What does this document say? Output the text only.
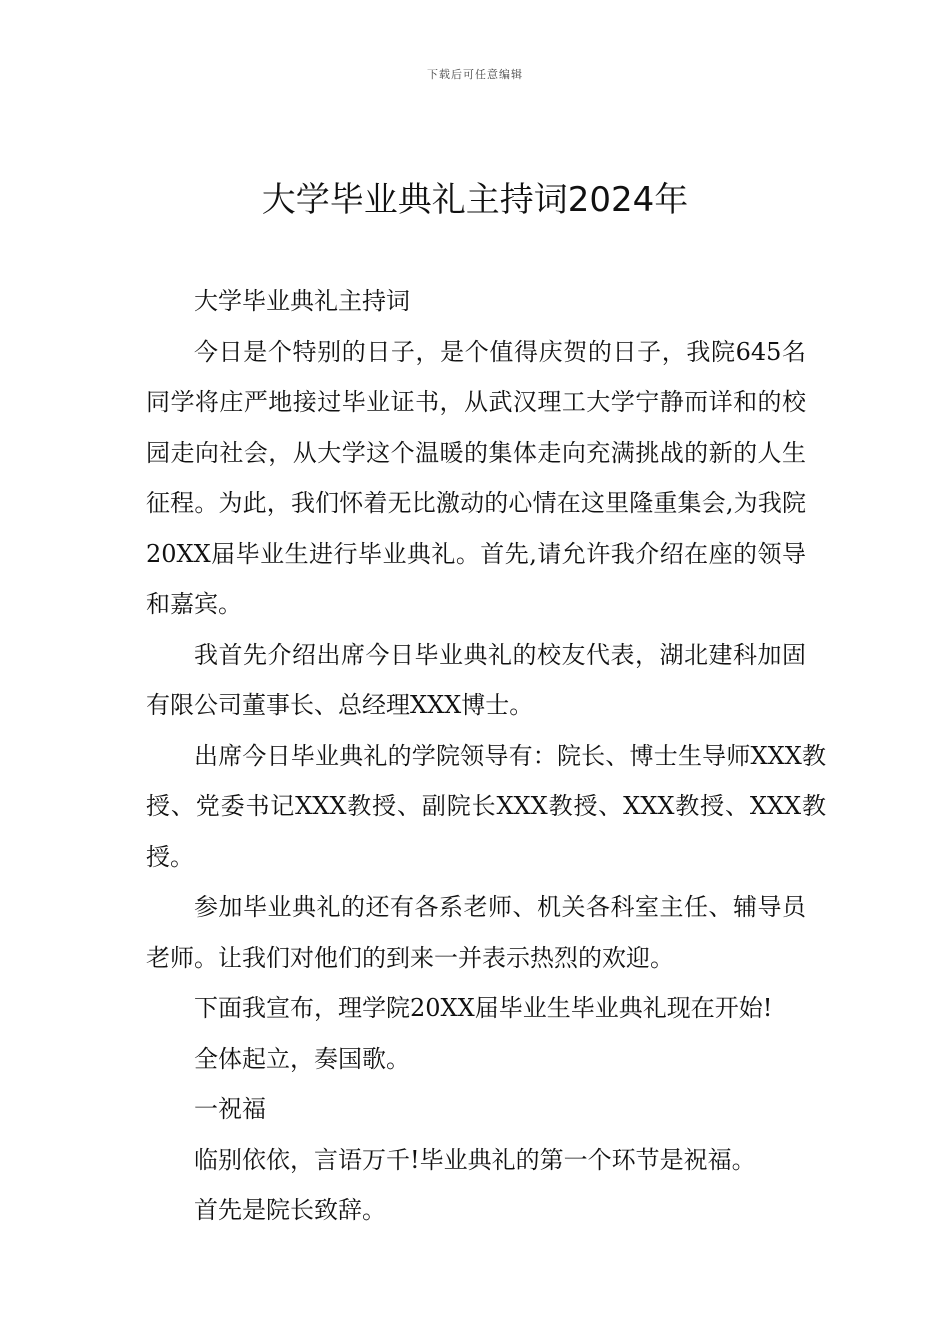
下载后可任意编辑
大学毕业典礼主持词2024年

大学毕业典礼主持词

今日是个特别的日子，是个值得庆贺的日子，我院645名同学将庄严地接过毕业证书，从武汉理工大学宁静而详和的校园走向社会，从大学这个温暖的集体走向充满挑战的新的人生征程。为此，我们怀着无比激动的心情在这里隆重集会,为我院20XX届毕业生进行毕业典礼。首先,请允许我介绍在座的领导和嘉宾。

我首先介绍出席今日毕业典礼的校友代表，湖北建科加固有限公司董事长、总经理XXX博士。

出席今日毕业典礼的学院领导有：院长、博士生导师XXX教授、党委书记XXX教授、副院长XXX教授、XXX教授、XXX教授。

参加毕业典礼的还有各系老师、机关各科室主任、辅导员老师。让我们对他们的到来一并表示热烈的欢迎。

下面我宣布，理学院20XX届毕业生毕业典礼现在开始!

全体起立，奏国歌。

一祝福

临别依依，言语万千!毕业典礼的第一个环节是祝福。

首先是院长致辞。
